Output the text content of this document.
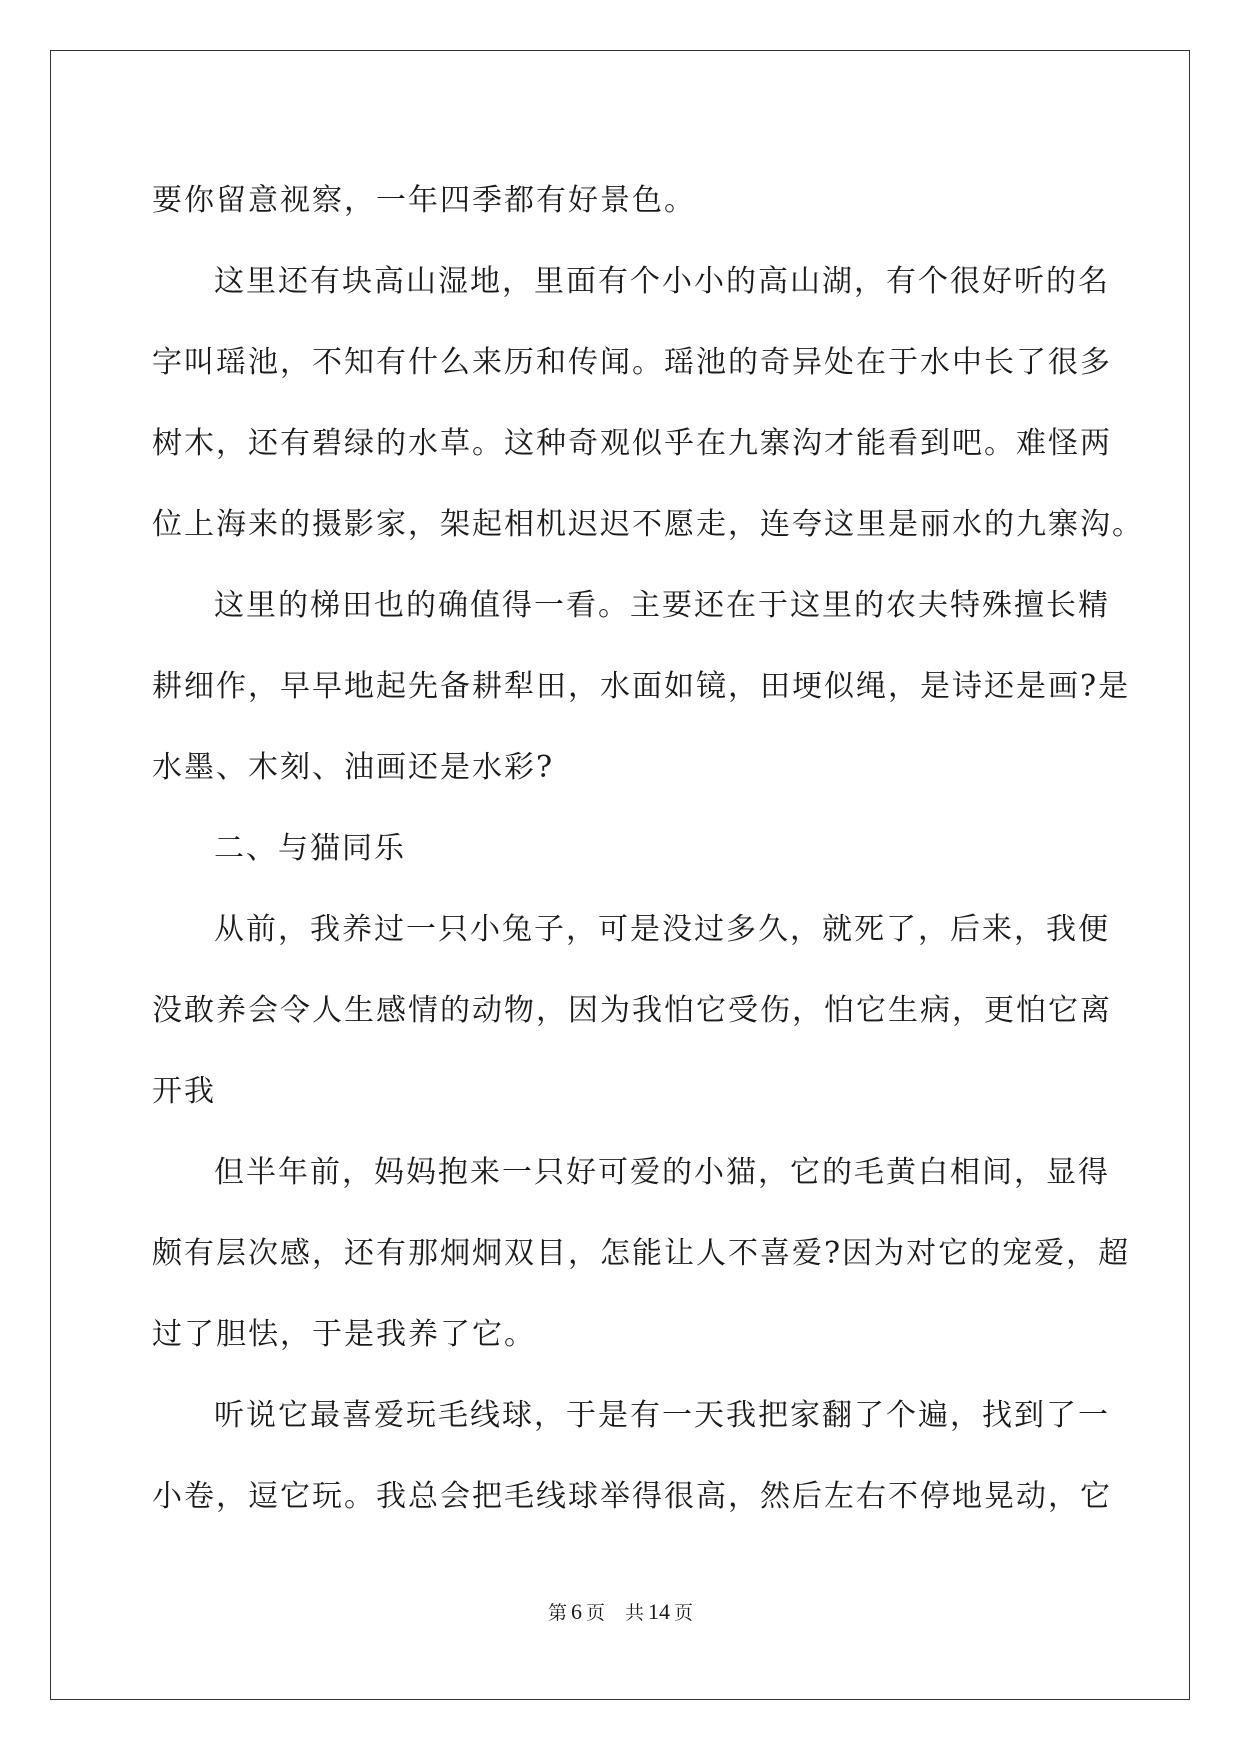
要你留意视察，一年四季都有好景色。
这里还有块高山湿地，里面有个小小的高山湖，有个很好听的名
字叫瑶池，不知有什么来历和传闻。瑶池的奇异处在于水中长了很多
树木，还有碧绿的水草。这种奇观似乎在九寨沟才能看到吧。难怪两
位上海来的摄影家，架起相机迟迟不愿走，连夸这里是丽水的九寨沟。
这里的梯田也的确值得一看。主要还在于这里的农夫特殊擅长精
耕细作，早早地起先备耕犁田，水面如镜，田埂似绳，是诗还是画?是
水墨、木刻、油画还是水彩?
二、与猫同乐
从前，我养过一只小兔子，可是没过多久，就死了，后来，我便
没敢养会令人生感情的动物，因为我怕它受伤，怕它生病，更怕它离
开我
但半年前，妈妈抱来一只好可爱的小猫，它的毛黄白相间，显得
颇有层次感，还有那炯炯双目，怎能让人不喜爱?因为对它的宠爱，超
过了胆怯，于是我养了它。
听说它最喜爱玩毛线球，于是有一天我把家翻了个遍，找到了一
小卷，逗它玩。我总会把毛线球举得很高，然后左右不停地晃动，它
第 6 页 共 14 页
